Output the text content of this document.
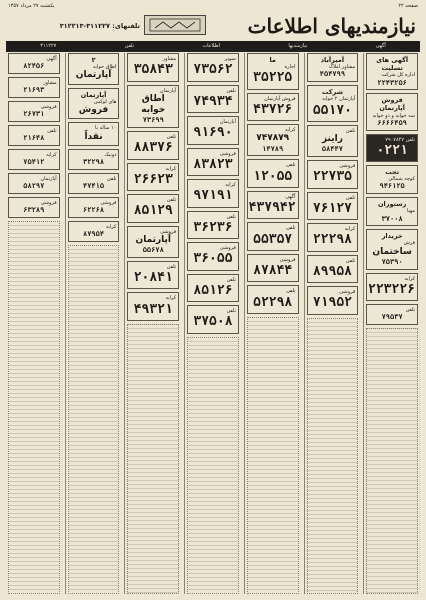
صفحه ۲۲
یکشنبه ۲۷ مرداد ۱۳۵۷
نیازمندیهای اطلاعات
تلفنهای: ۳۱۱۲۲۷-۳۱۲۲۱۳
آگهی
نیازمندیها
اطلاعات
تلفن
۳۱۱۲۲۷
آگهی های تسلیت
اداره کل شرکت
۲۲۴۳۲۵۶
فروش آپارتمان
سه خوابه و دو خوابه
۶۶۶۶۴۵۹
تلفن ۷۹۰۷۸۴۷
۰۲۲۱
تحت
کوچه شمالی
۹۴۶۱۲۵
رستوران
مهیا
۳۷۰۰۸
خریدار
فرش
ساختمان
۷۵۳۹۰
کرایه
۲۲۳۲۲۶
تلفن
۷۹۵۳۷
آمیرآباد
مشاور املاک
۴۵۴۷۹۹
شرکت
آپارتمان ۲ خوابه
۵۵۱۷۰
تلفن
راینز
۵۸۴۴۷
فروشی
۲۲۷۳۵
تلفن
۷۶۱۲۷
کرایه
۲۲۲۹۸
تلفن
۸۹۹۵۸
فروشی
۷۱۹۵۲
ما
اجاره
۳۵۲۲۵
فروش آپارتمان
۴۳۷۲۶
کرایه
۷۴۷۸۷۹
۱۴۷۸۹
تلفن
۱۲۰۵۵
آگهی
۴۳۷۹۴۲
تلفن
۵۵۳۵۷
فروشی
۸۷۸۴۴
تلفن
۵۲۲۹۸
سوپر
۷۳۵۶۲
تلفن
۷۴۹۳۴
آپارتمان
۹۱۶۹۰
فروشی
۸۳۸۲۳
کرایه
۹۷۱۹۱
تلفن
۳۶۲۳۶
فروشی
۳۶۰۵۵
تلفن
۸۵۱۲۶
تلفن
۳۷۵۰۸
مشاور
۳۵۸۴۳
آپارتمان
اطاق خوابه
۷۳۶۹۹
تلفن
۸۸۳۷۶
کرایه
۲۶۶۲۳
تلفن
۸۵۱۲۹
فروشی
آپارتمان
۵۵۶۷۸
تلفن
۲۰۸۴۱
کرایه
۴۹۳۲۱
۲
اطاق خوابه
آپارتمان
آپارتمان
های لوکس
فروش
۱۰ ساله با
نقداً
دونیک
۳۲۲۹۸
تلفن
۴۷۴۱۵
فروشی
۶۲۲۶۸
کرایه
۸۷۹۵۴
آگهی
۸۲۴۵۶
مشاور
۲۱۶۹۳
فروشی
۲۶۷۳۱
تلفن
۲۱۶۴۸
کرایه
۷۵۴۱۲
آپارتمان
۵۸۲۹۷
فروشی
۶۳۲۸۹
